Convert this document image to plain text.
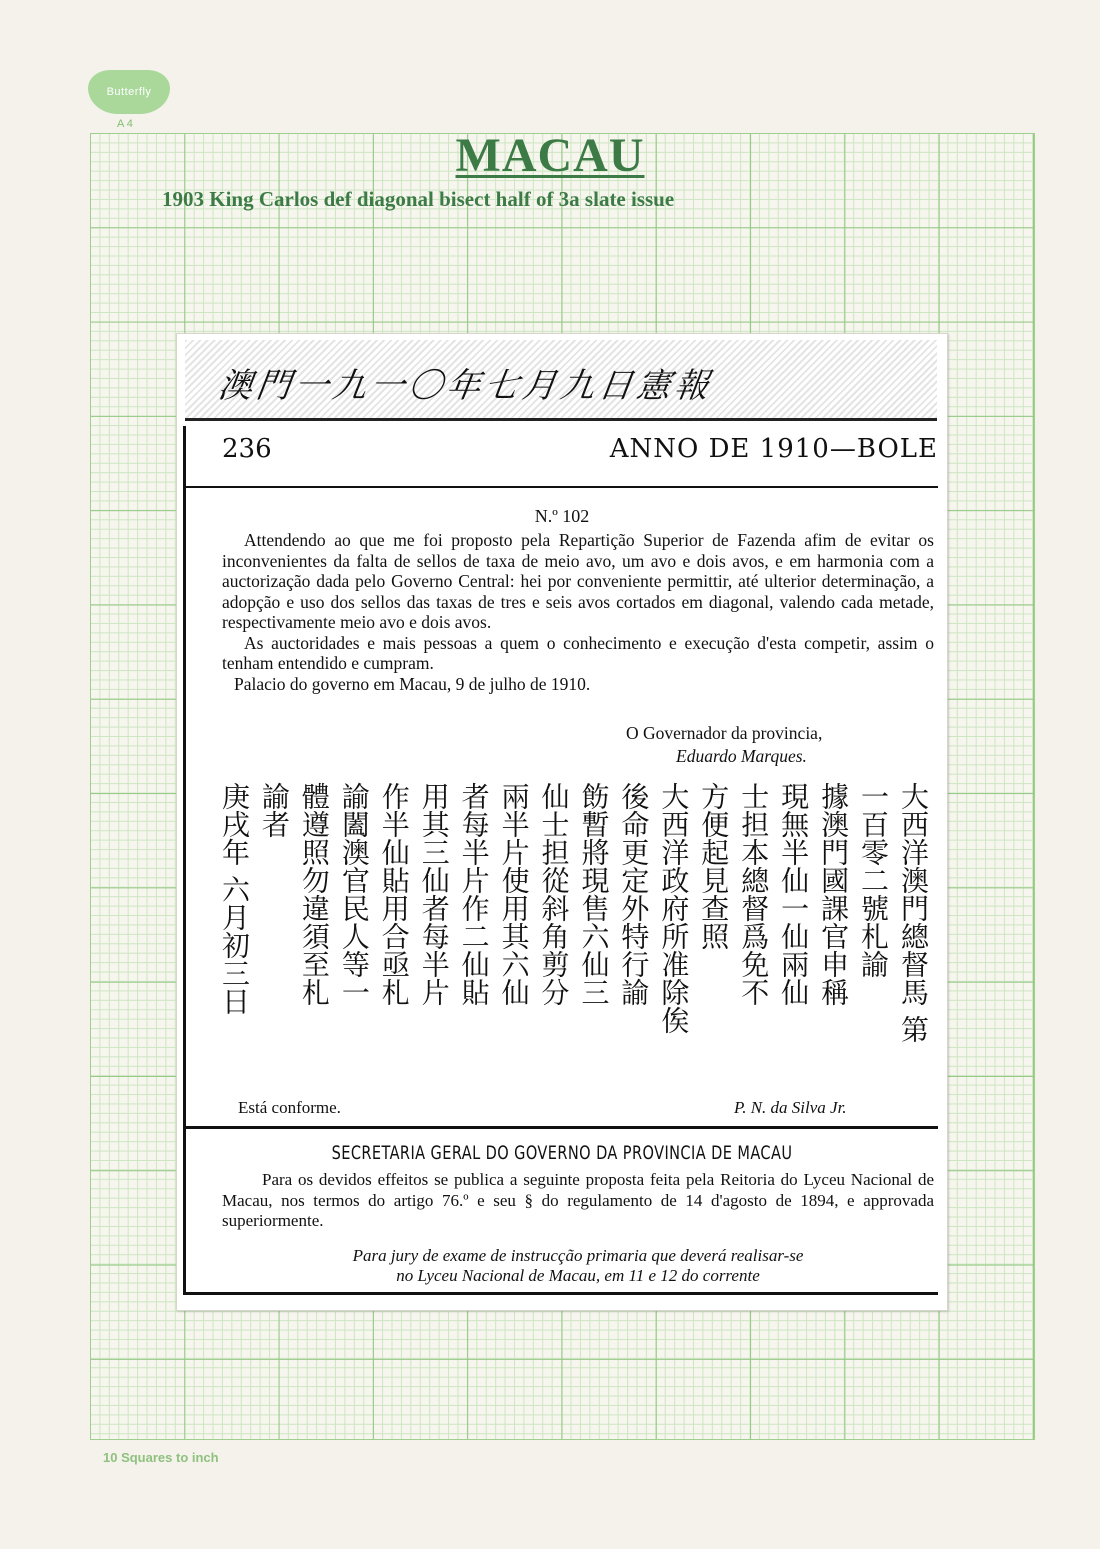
Butterfly
A 4
MACAU
1903 King Carlos def diagonal bisect half of 3a slate issue
澳門一九一〇年七月九日憲報
236	ANNO DE 1910—BOLE
N.º 102

Attendendo ao que me foi proposto pela Repartição Superior de Fazenda afim de evitar os inconvenientes da falta de sellos de taxa de meio avo, um avo e dois avos, e em harmonia com a auctorização dada pelo Governo Central: hei por conveniente permittir, até ulterior determinação, a adopção e uso dos sellos das taxas de tres e seis avos cortados em diagonal, valendo cada metade, respectivamente meio avo e dois avos.

As auctoridades e mais pessoas a quem o conhecimento e execução d'esta competir, assim o tenham entendido e cumpram.

Palacio do governo em Macau, 9 de julho de 1910.

O Governador da provincia,
Eduardo Marques.
大西洋澳門總督馬 第
一百零二號札諭
據澳門國課官申稱
現無半仙一仙兩仙
士担本總督爲免不
方便起見查照
大西洋政府所准除俟
後命更定外特行諭
飭暫將現售六仙三
仙士担從斜角剪分
兩半片使用其六仙
者每半片作二仙貼
用其三仙者每半片
作半仙貼用合亟札
諭闔澳官民人等一
體遵照勿違須至札
諭者
庚戌年 六月初三日
Está conforme.	P. N. da Silva Jr.
SECRETARIA GERAL DO GOVERNO DA PROVINCIA DE MACAU

Para os devidos effeitos se publica a seguinte proposta feita pela Reitoria do Lyceu Nacional de Macau, nos termos do artigo 76.º e seu § do regulamento de 14 d'agosto de 1894, e approvada superiormente.

Para jury de exame de instrucção primaria que deverá realisar-se
no Lyceu Nacional de Macau, em 11 e 12 do corrente
10 Squares to inch
